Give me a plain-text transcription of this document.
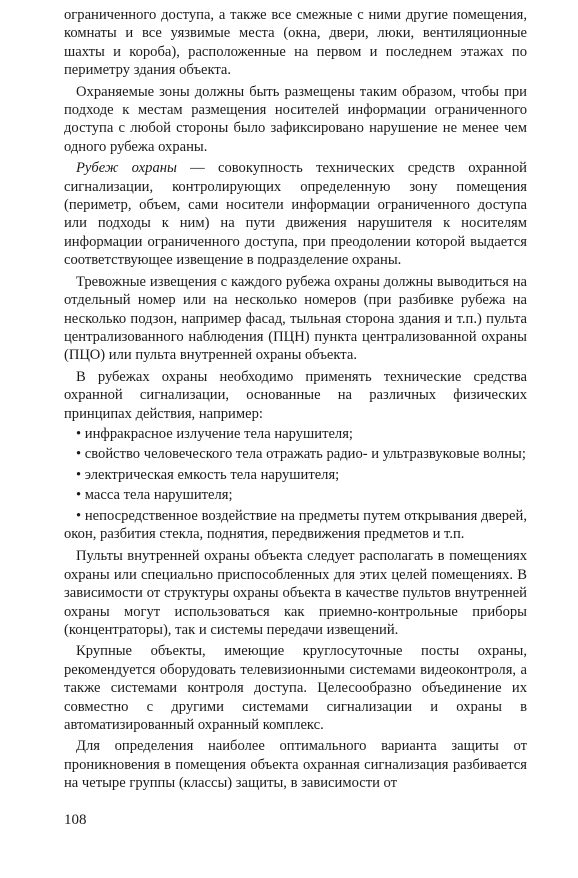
ограниченного доступа, а также все смежные с ними другие помещения, комнаты и все уязвимые места (окна, двери, люки, вентиляционные шахты и короба), расположенные на первом и последнем этажах по периметру здания объекта.

Охраняемые зоны должны быть размещены таким образом, чтобы при подходе к местам размещения носителей информации ограниченного доступа с любой стороны было зафиксировано нарушение не менее чем одного рубежа охраны.

Рубеж охраны — совокупность технических средств охранной сигнализации, контролирующих определенную зону помещения (периметр, объем, сами носители информации ограниченного доступа или подходы к ним) на пути движения нарушителя к носителям информации ограниченного доступа, при преодолении которой выдается соответствующее извещение в подразделение охраны.

Тревожные извещения с каждого рубежа охраны должны выводиться на отдельный номер или на несколько номеров (при разбивке рубежа на несколько подзон, например фасад, тыльная сторона здания и т.п.) пульта централизованного наблюдения (ПЦН) пункта централизованной охраны (ПЦО) или пульта внутренней охраны объекта.

В рубежах охраны необходимо применять технические средства охранной сигнализации, основанные на различных физических принципах действия, например:

• инфракрасное излучение тела нарушителя;

• свойство человеческого тела отражать радио- и ультразвуковые волны;

• электрическая емкость тела нарушителя;

• масса тела нарушителя;

• непосредственное воздействие на предметы путем открывания дверей, окон, разбития стекла, поднятия, передвижения предметов и т.п.

Пульты внутренней охраны объекта следует располагать в помещениях охраны или специально приспособленных для этих целей помещениях. В зависимости от структуры охраны объекта в качестве пультов внутренней охраны могут использоваться как приемно-контрольные приборы (концентраторы), так и системы передачи извещений.

Крупные объекты, имеющие круглосуточные посты охраны, рекомендуется оборудовать телевизионными системами видеоконтроля, а также системами контроля доступа. Целесообразно объединение их совместно с другими системами сигнализации и охраны в автоматизированный охранный комплекс.

Для определения наиболее оптимального варианта защиты от проникновения в помещения объекта охранная сигнализация разбивается на четыре группы (классы) защиты, в зависимости от

108
